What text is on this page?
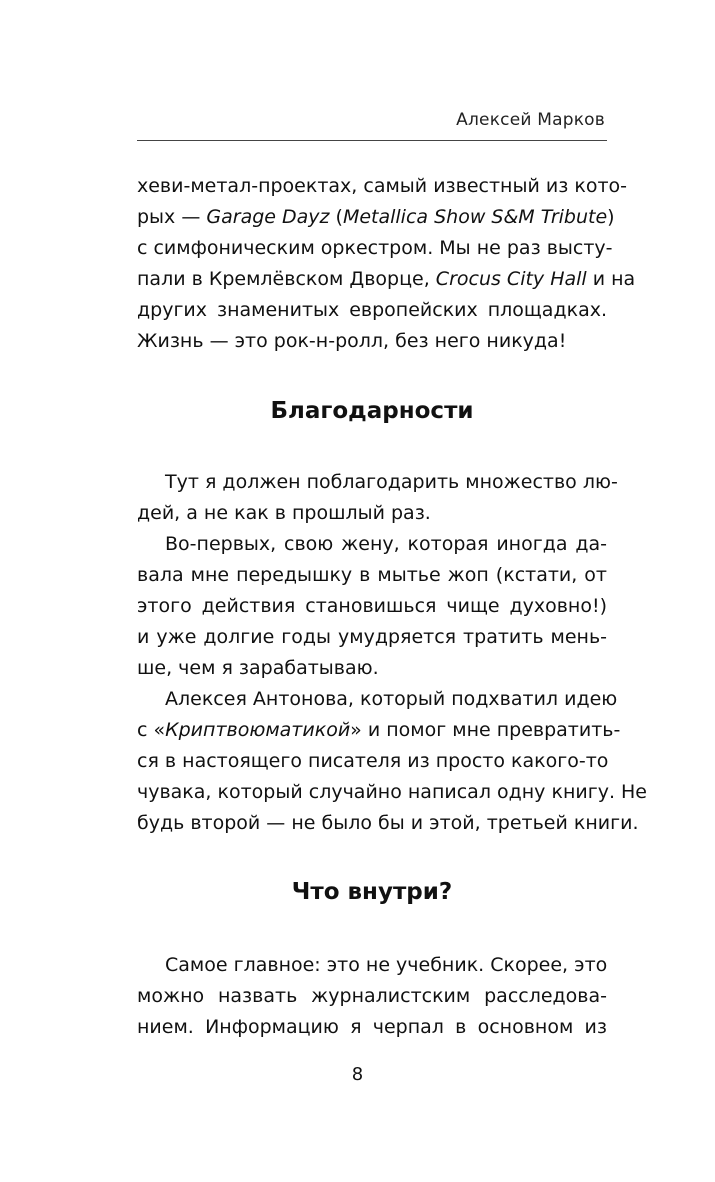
Алексей Марков
хеви-метал-проектах, самый известный из кото-
рых — Garage Dayz (Metallica Show S&M Tribute)
с симфоническим оркестром. Мы не раз высту-
пали в Кремлёвском Дворце, Crocus City Hall и на
других знаменитых европейских площадках.
Жизнь — это рок-н-ролл, без него никуда!
Благодарности
Тут я должен поблагодарить множество лю-
дей, а не как в прошлый раз.
Во-первых, свою жену, которая иногда да-
вала мне передышку в мытье жоп (кстати, от
этого действия становишься чище духовно!)
и уже долгие годы умудряется тратить мень-
ше, чем я зарабатываю.
Алексея Антонова, который подхватил идею
с «Криптвоюматикой» и помог мне превратить-
ся в настоящего писателя из просто какого-то
чувака, который случайно написал одну книгу. Не
будь второй — не было бы и этой, третьей книги.
Что внутри?
Самое главное: это не учебник. Скорее, это
можно назвать журналистским расследова-
нием. Информацию я черпал в основном из
8
